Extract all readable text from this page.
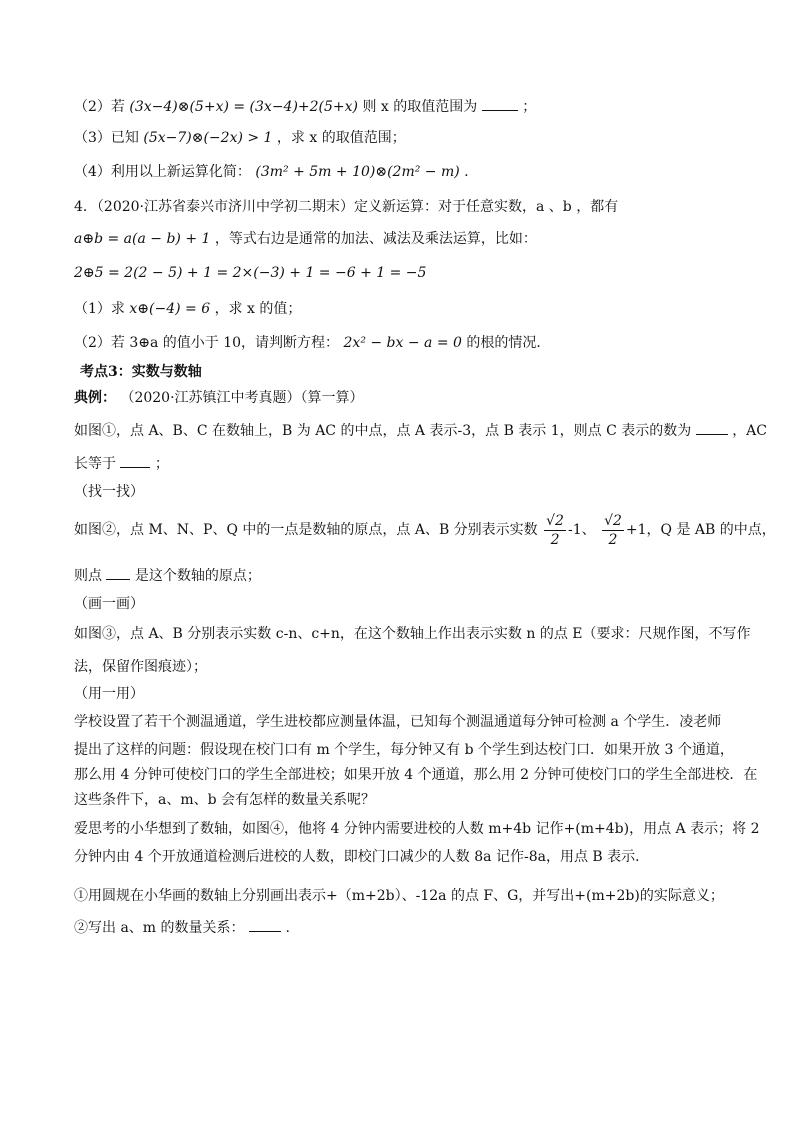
（2）若 (3x−4)⊗(5+x) = (3x−4)+2(5+x) 则 x 的取值范围为	；
（3）已知 (5x−7)⊗(−2x) > 1 ，求 x 的取值范围；
（4）利用以上新运算化简： (3m² + 5m + 10)⊗(2m² − m) .
4．（2020·江苏省泰兴市济川中学初二期末）定义新运算：对于任意实数，a 、b ，都有
a⊕b = a(a − b) + 1 ，等式右边是通常的加法、减法及乘法运算，比如：
2⊕5 = 2(2 − 5) + 1 = 2×(−3) + 1 = −6 + 1 = −5
（1）求 x⊕(−4) = 6 ，求 x 的值；
（2）若 3⊕a 的值小于 10，请判断方程： 2x² − bx − a = 0 的根的情况．
考点3：实数与数轴
典例： （2020·江苏镇江中考真题）（算一算）
如图①，点 A、B、C 在数轴上，B 为 AC 的中点，点 A 表示-3，点 B 表示 1，则点 C 表示的数为	，AC
长等于	；
（找一找）
如图②，点 M、N、P、Q 中的一点是数轴的原点，点 A、B 分别表示实数 $\frac{√2}{2} -1$、 $\frac{√2}{2} +1$，Q 是 AB 的中点，
则点 是这个数轴的原点；
（画一画）
如图③，点 A、B 分别表示实数 c-n、c+n，在这个数轴上作出表示实数 n 的点 E（要求：尺规作图，不写作
法，保留作图痕迹）；
（用一用）
学校设置了若干个测温通道，学生进校都应测量体温，已知每个测温通道每分钟可检测 a 个学生．凌老师
提出了这样的问题：假设现在校门口有 m 个学生，每分钟又有 b 个学生到达校门口．如果开放 3 个通道，
那么用 4 分钟可使校门口的学生全部进校；如果开放 4 个通道，那么用 2 分钟可使校门口的学生全部进校．在
这些条件下，a、m、b 会有怎样的数量关系呢？
爱思考的小华想到了数轴，如图④，他将 4 分钟内需要进校的人数 m+4b 记作+(m+4b)，用点 A 表示；将 2
分钟内由 4 个开放通道检测后进校的人数，即校门口减少的人数 8a 记作-8a，用点 B 表示．
①用圆规在小华画的数轴上分别画出表示+（m+2b）、-12a 的点 F、G，并写出+(m+2b)的实际意义；
②写出 a、m 的数量关系：	.
